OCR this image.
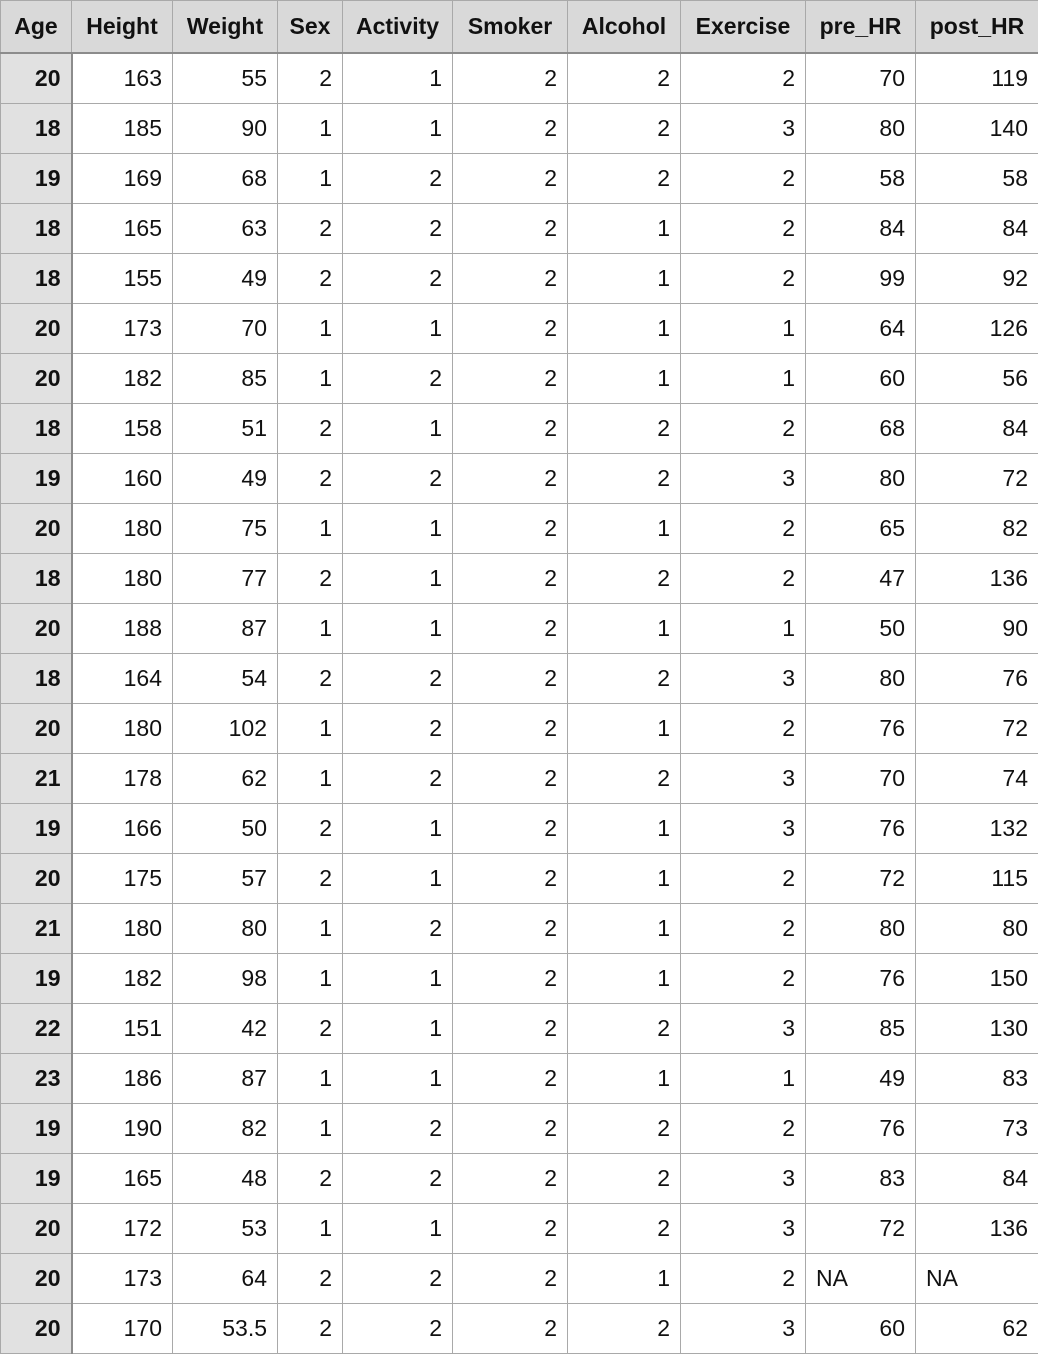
Age	Height	Weight	Sex	Activity	Smoker	Alcohol	Exercise	pre_HR	post_HR
20	163	55	2	1	2	2	2	70	119
18	185	90	1	1	2	2	3	80	140
19	169	68	1	2	2	2	2	58	58
18	165	63	2	2	2	1	2	84	84
18	155	49	2	2	2	1	2	99	92
20	173	70	1	1	2	1	1	64	126
20	182	85	1	2	2	1	1	60	56
18	158	51	2	1	2	2	2	68	84
19	160	49	2	2	2	2	3	80	72
20	180	75	1	1	2	1	2	65	82
18	180	77	2	1	2	2	2	47	136
20	188	87	1	1	2	1	1	50	90
18	164	54	2	2	2	2	3	80	76
20	180	102	1	2	2	1	2	76	72
21	178	62	1	2	2	2	3	70	74
19	166	50	2	1	2	1	3	76	132
20	175	57	2	1	2	1	2	72	115
21	180	80	1	2	2	1	2	80	80
19	182	98	1	1	2	1	2	76	150
22	151	42	2	1	2	2	3	85	130
23	186	87	1	1	2	1	1	49	83
19	190	82	1	2	2	2	2	76	73
19	165	48	2	2	2	2	3	83	84
20	172	53	1	1	2	2	3	72	136
20	173	64	2	2	2	1	2	NA	NA
20	170	53.5	2	2	2	2	3	60	62
